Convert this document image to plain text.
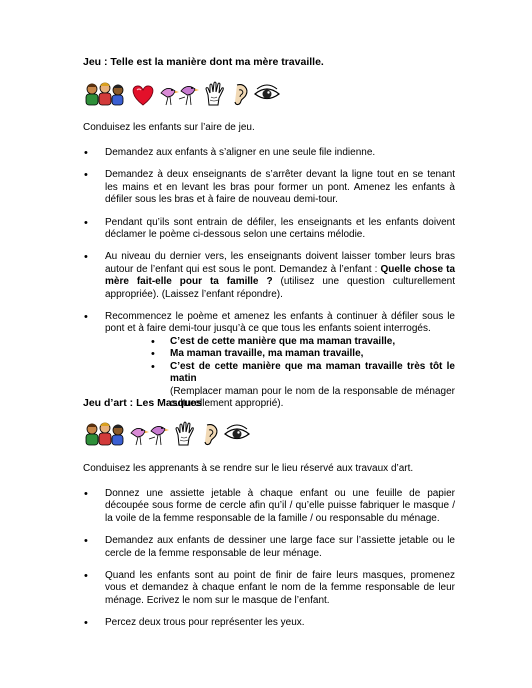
Jeu : Telle est la manière dont ma mère travaille.
Conduisez les enfants sur l’aire de jeu.
• Demandez aux enfants à s’aligner en une seule file indienne.
• Demandez à deux enseignants de s’arrêter devant la ligne tout en se tenant les mains et en levant les bras pour former un pont. Amenez les enfants à défiler sous les bras et à faire de nouveau demi-tour.
• Pendant qu’ils sont entrain de défiler, les enseignants et les enfants doivent déclamer le poème ci-dessous selon une certains mélodie.
• Au niveau du dernier vers, les enseignants doivent laisser tomber leurs bras autour de l’enfant qui est sous le pont. Demandez à l’enfant : Quelle chose ta mère fait-elle pour ta famille ? (utilisez une question culturellement appropriée). (Laissez l’enfant répondre).
• Recommencez le poème et amenez les enfants à continuer à défiler sous le pont et à faire demi-tour jusqu’à ce que tous les enfants soient interrogés.
• C’est de cette manière que ma maman travaille,
• Ma maman travaille, ma maman travaille,
• C’est de cette manière que ma maman travaille très tôt le matin
(Remplacer maman pour le nom de la responsable de ménager culturellement approprié).
Jeu d’art : Les Masques
Conduisez les apprenants à se rendre sur le lieu réservé aux travaux d’art.
• Donnez une assiette jetable à chaque enfant ou une feuille de papier découpée sous forme de cercle afin qu’il / qu’elle puisse fabriquer le masque / la voile de la femme responsable de la famille / ou responsable du ménage.
• Demandez aux enfants de dessiner une large face sur l’assiette jetable ou le cercle de la femme responsable de leur ménage.
• Quand les enfants sont au point de finir de faire leurs masques, promenez vous et demandez à chaque enfant le nom de la femme responsable de leur ménage. Ecrivez le nom sur le masque de l’enfant.
• Percez deux trous pour représenter les yeux.
